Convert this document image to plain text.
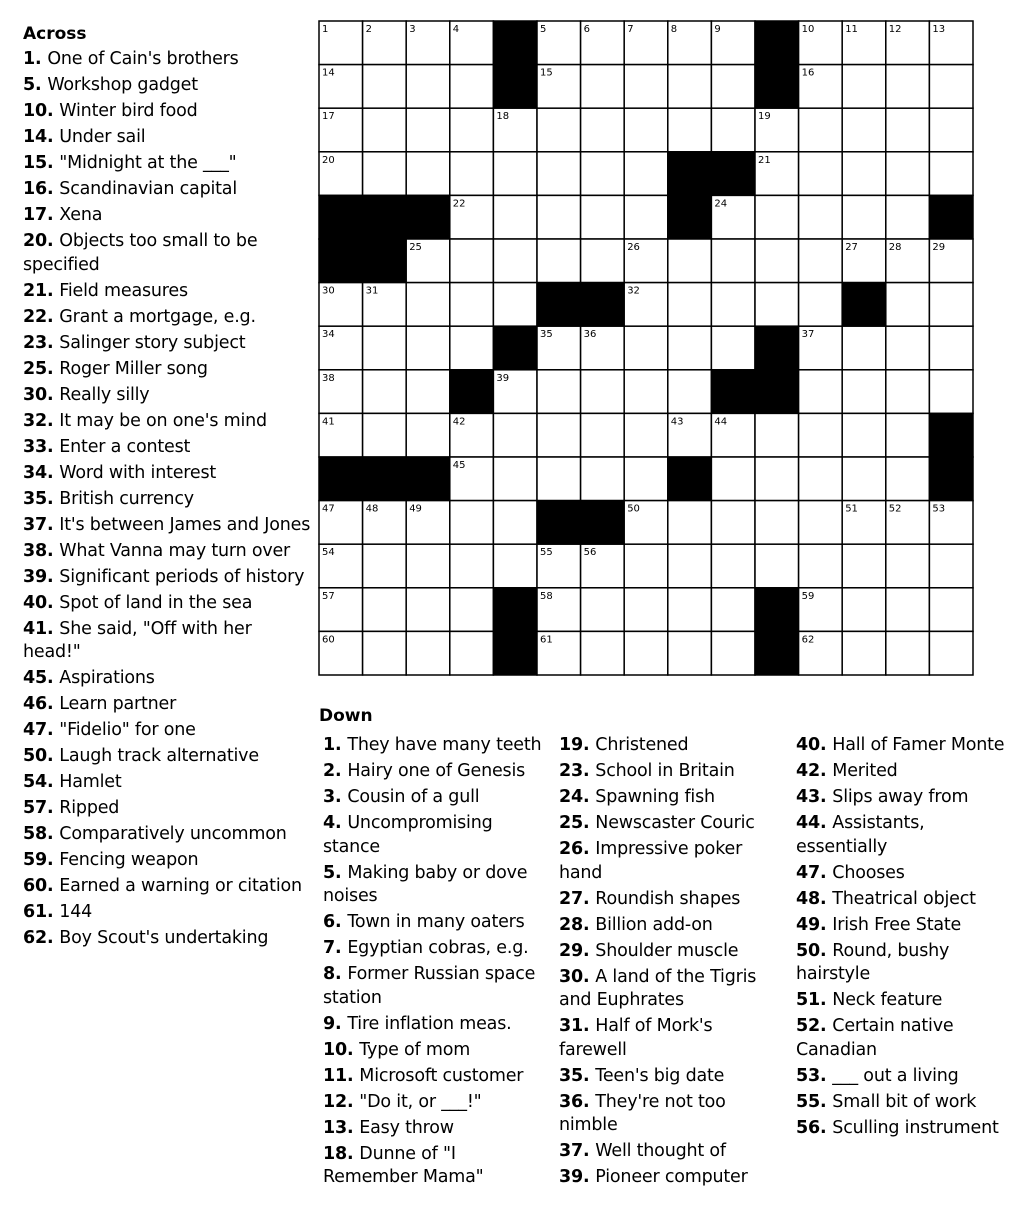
Across
1. One of Cain's brothers
5. Workshop gadget
10. Winter bird food
14. Under sail
15. "Midnight at the ___"
16. Scandinavian capital
17. Xena
20. Objects too small to be specified
21. Field measures
22. Grant a mortgage, e.g.
23. Salinger story subject
25. Roger Miller song
30. Really silly
32. It may be on one's mind
33. Enter a contest
34. Word with interest
35. British currency
37. It's between James and Jones
38. What Vanna may turn over
39. Significant periods of history
40. Spot of land in the sea
41. She said, "Off with her head!"
45. Aspirations
46. Learn partner
47. "Fidelio" for one
50. Laugh track alternative
54. Hamlet
57. Ripped
58. Comparatively uncommon
59. Fencing weapon
60. Earned a warning or citation
61. 144
62. Boy Scout's undertaking
1	2	3	4	5	6	7	8	9	10	11	12	13
14	15	16
17	18	19
20	21
22	23	24
25	26	27	28	29
30	31	32	33
34	35	36	37
38	39	40
41	42	43	44
45	46
47	48	49	50	51	52	53
54	55	56
57	58	59
60	61	62
Down
1. They have many teeth
2. Hairy one of Genesis
3. Cousin of a gull
4. Uncompromising stance
5. Making baby or dove noises
6. Town in many oaters
7. Egyptian cobras, e.g.
8. Former Russian space station
9. Tire inflation meas.
10. Type of mom
11. Microsoft customer
12. "Do it, or ___!"
13. Easy throw
18. Dunne of "I Remember Mama"
19. Christened
23. School in Britain
24. Spawning fish
25. Newscaster Couric
26. Impressive poker hand
27. Roundish shapes
28. Billion add-on
29. Shoulder muscle
30. A land of the Tigris and Euphrates
31. Half of Mork's farewell
35. Teen's big date
36. They're not too nimble
37. Well thought of
39. Pioneer computer
40. Hall of Famer Monte
42. Merited
43. Slips away from
44. Assistants, essentially
47. Chooses
48. Theatrical object
49. Irish Free State
50. Round, bushy hairstyle
51. Neck feature
52. Certain native Canadian
53. ___ out a living
55. Small bit of work
56. Sculling instrument
